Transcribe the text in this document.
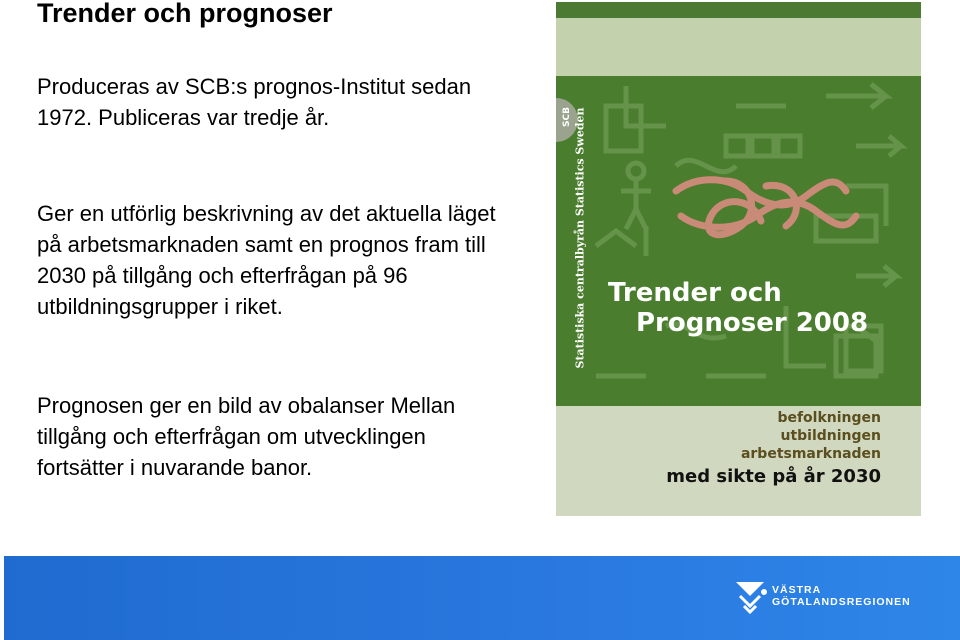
Trender och prognoser

Produceras av SCB:s prognos-Institut sedan 1972. Publiceras var tredje år.

Ger en utförlig beskrivning av det aktuella läget på arbetsmarknaden samt en prognos fram till 2030 på tillgång och efterfrågan på 96 utbildningsgrupper i riket.

Prognosen ger en bild av obalanser Mellan tillgång och efterfrågan om utvecklingen fortsätter i nuvarande banor.

befolkningen
utbildningen
arbetsmarknaden
med sikte på år 2030
SCB Statistiska centralbyrån Statistics Sweden Trender och
Prognoser 2008
VÄSTRA
GÖTALANDSREGIONEN
